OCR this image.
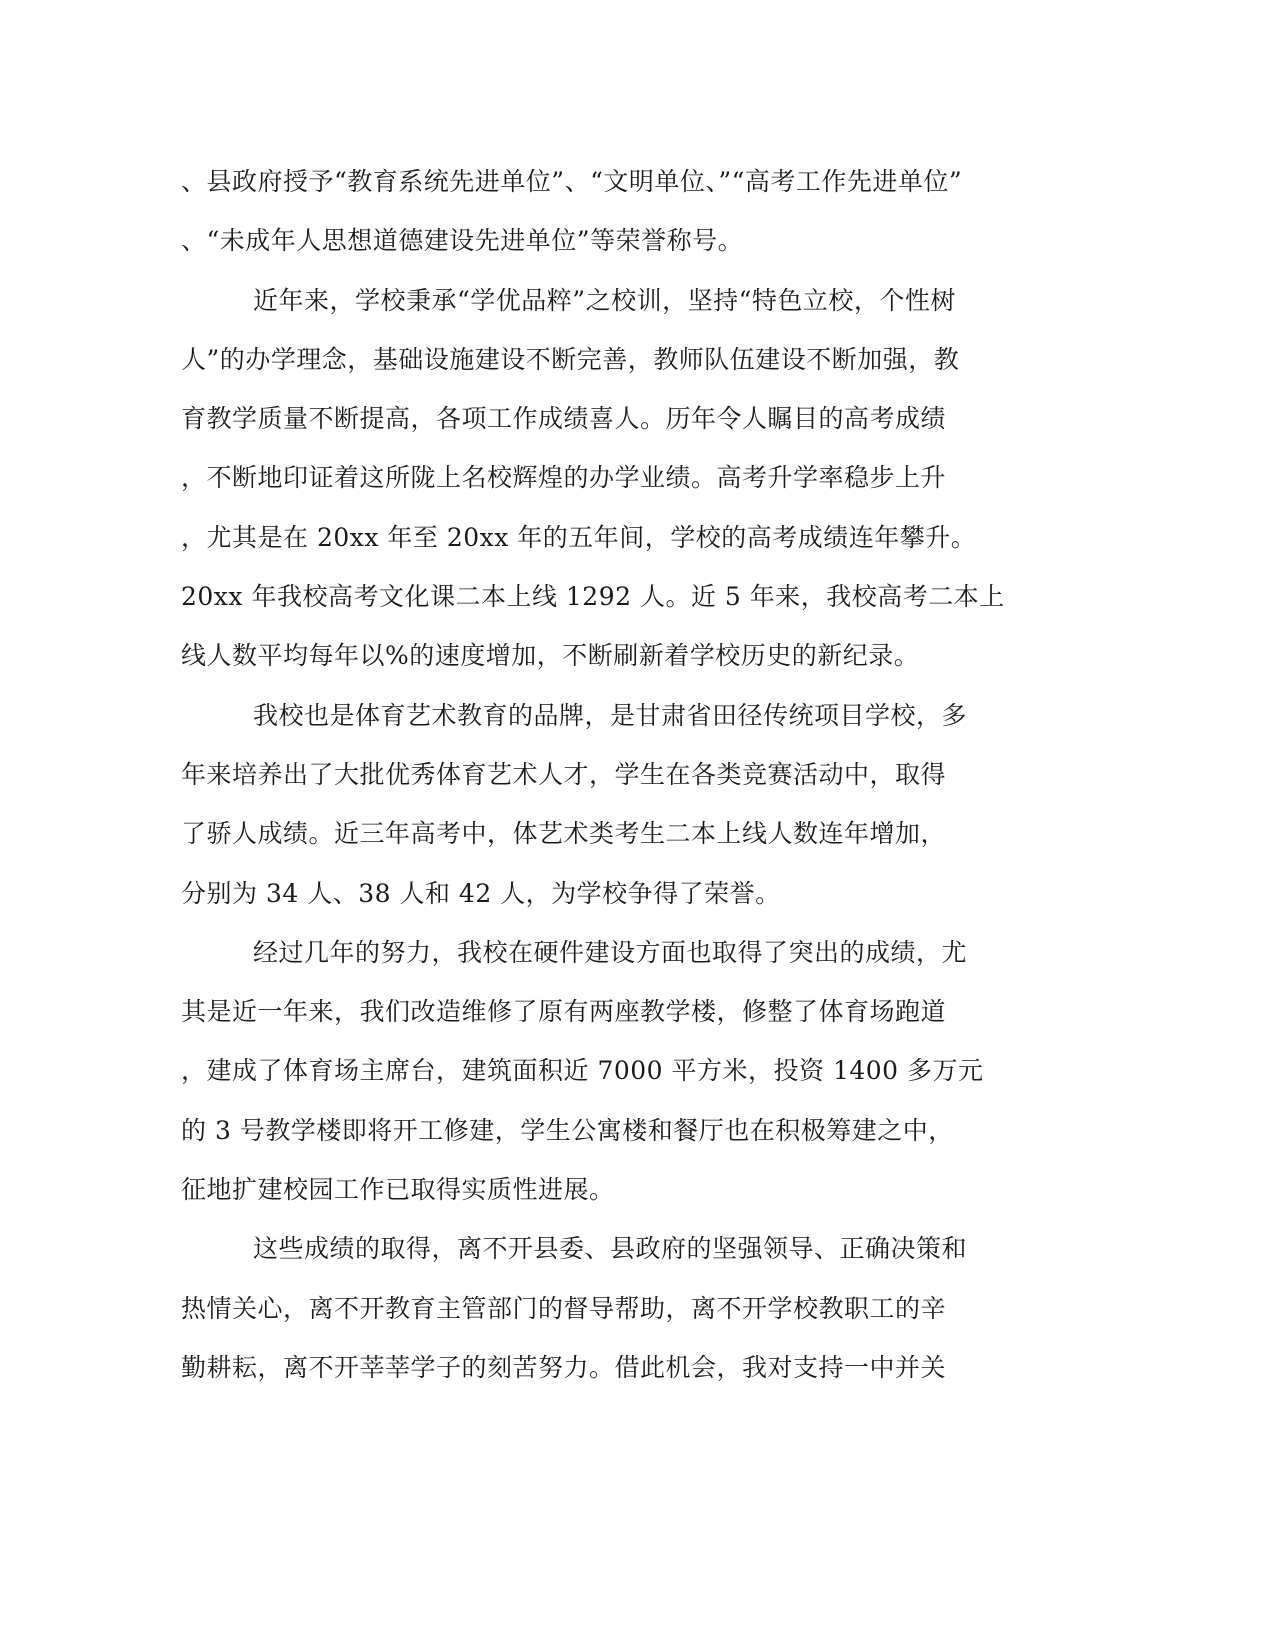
、县政府授予“教育系统先进单位”、“文明单位、”“高考工作先进单位”
、“未成年人思想道德建设先进单位”等荣誉称号。
近年来，学校秉承“学优品粹”之校训，坚持“特色立校，个性树
人”的办学理念，基础设施建设不断完善，教师队伍建设不断加强，教
育教学质量不断提高，各项工作成绩喜人。历年令人瞩目的高考成绩
，不断地印证着这所陇上名校辉煌的办学业绩。高考升学率稳步上升
，尤其是在 20xx 年至 20xx 年的五年间，学校的高考成绩连年攀升。
20xx 年我校高考文化课二本上线 1292 人。近 5 年来，我校高考二本上
线人数平均每年以%的速度增加，不断刷新着学校历史的新纪录。
我校也是体育艺术教育的品牌，是甘肃省田径传统项目学校，多
年来培养出了大批优秀体育艺术人才，学生在各类竞赛活动中，取得
了骄人成绩。近三年高考中，体艺术类考生二本上线人数连年增加，
分别为 34 人、38 人和 42 人，为学校争得了荣誉。
经过几年的努力，我校在硬件建设方面也取得了突出的成绩，尤
其是近一年来，我们改造维修了原有两座教学楼，修整了体育场跑道
，建成了体育场主席台，建筑面积近 7000 平方米，投资 1400 多万元
的 3 号教学楼即将开工修建，学生公寓楼和餐厅也在积极筹建之中，
征地扩建校园工作已取得实质性进展。
这些成绩的取得，离不开县委、县政府的坚强领导、正确决策和
热情关心，离不开教育主管部门的督导帮助，离不开学校教职工的辛
勤耕耘，离不开莘莘学子的刻苦努力。借此机会，我对支持一中并关
